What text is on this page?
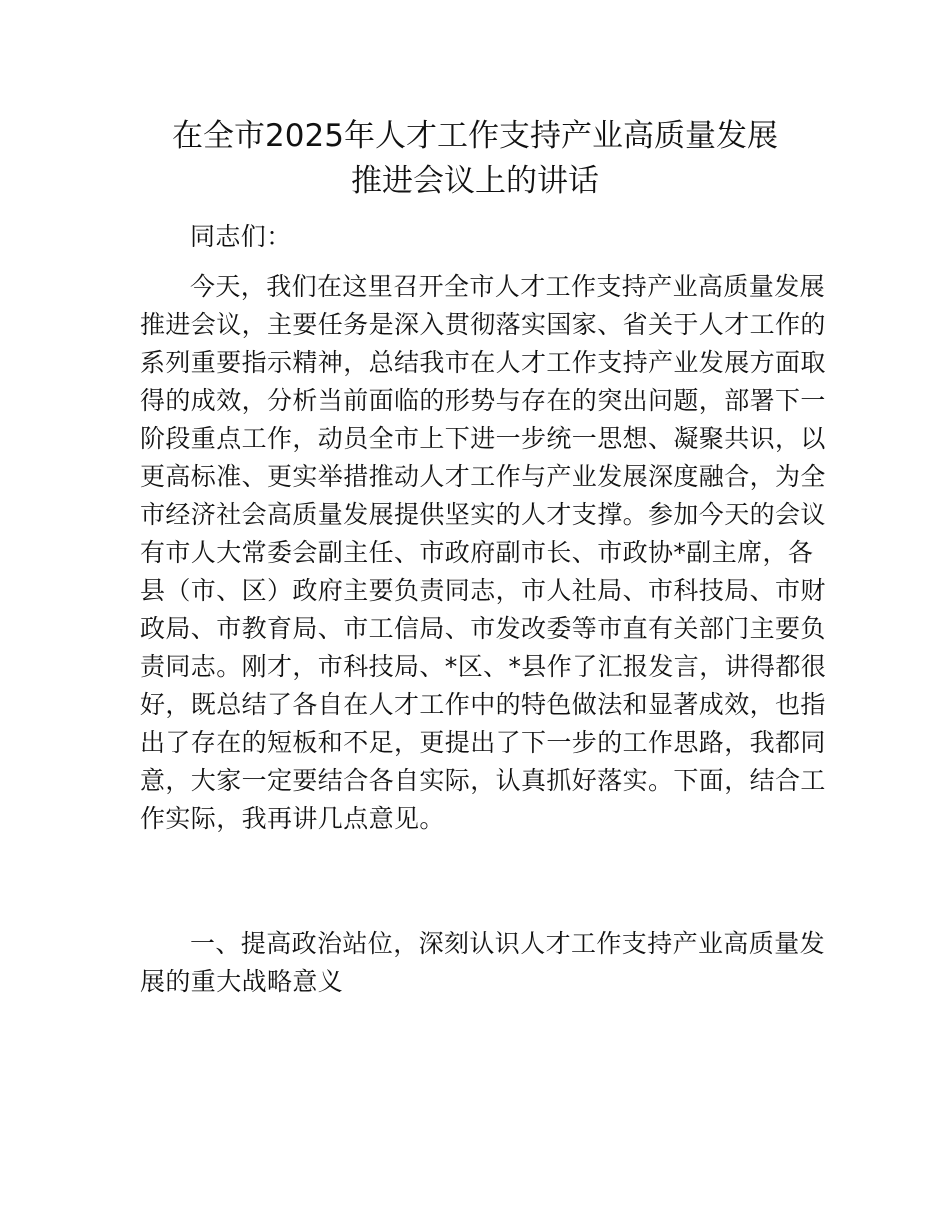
在全市2025年人才工作支持产业高质量发展
推进会议上的讲话
同志们：
今天，我们在这里召开全市人才工作支持产业高质量发展
推进会议，主要任务是深入贯彻落实国家、省关于人才工作的
系列重要指示精神，总结我市在人才工作支持产业发展方面取
得的成效，分析当前面临的形势与存在的突出问题，部署下一
阶段重点工作，动员全市上下进一步统一思想、凝聚共识，以
更高标准、更实举措推动人才工作与产业发展深度融合，为全
市经济社会高质量发展提供坚实的人才支撑。参加今天的会议
有市人大常委会副主任、市政府副市长、市政协*副主席，各
县（市、区）政府主要负责同志，市人社局、市科技局、市财
政局、市教育局、市工信局、市发改委等市直有关部门主要负
责同志。刚才，市科技局、*区、*县作了汇报发言，讲得都很
好，既总结了各自在人才工作中的特色做法和显著成效，也指
出了存在的短板和不足，更提出了下一步的工作思路，我都同
意，大家一定要结合各自实际，认真抓好落实。下面，结合工
作实际，我再讲几点意见。
一、提高政治站位，深刻认识人才工作支持产业高质量发
展的重大战略意义
